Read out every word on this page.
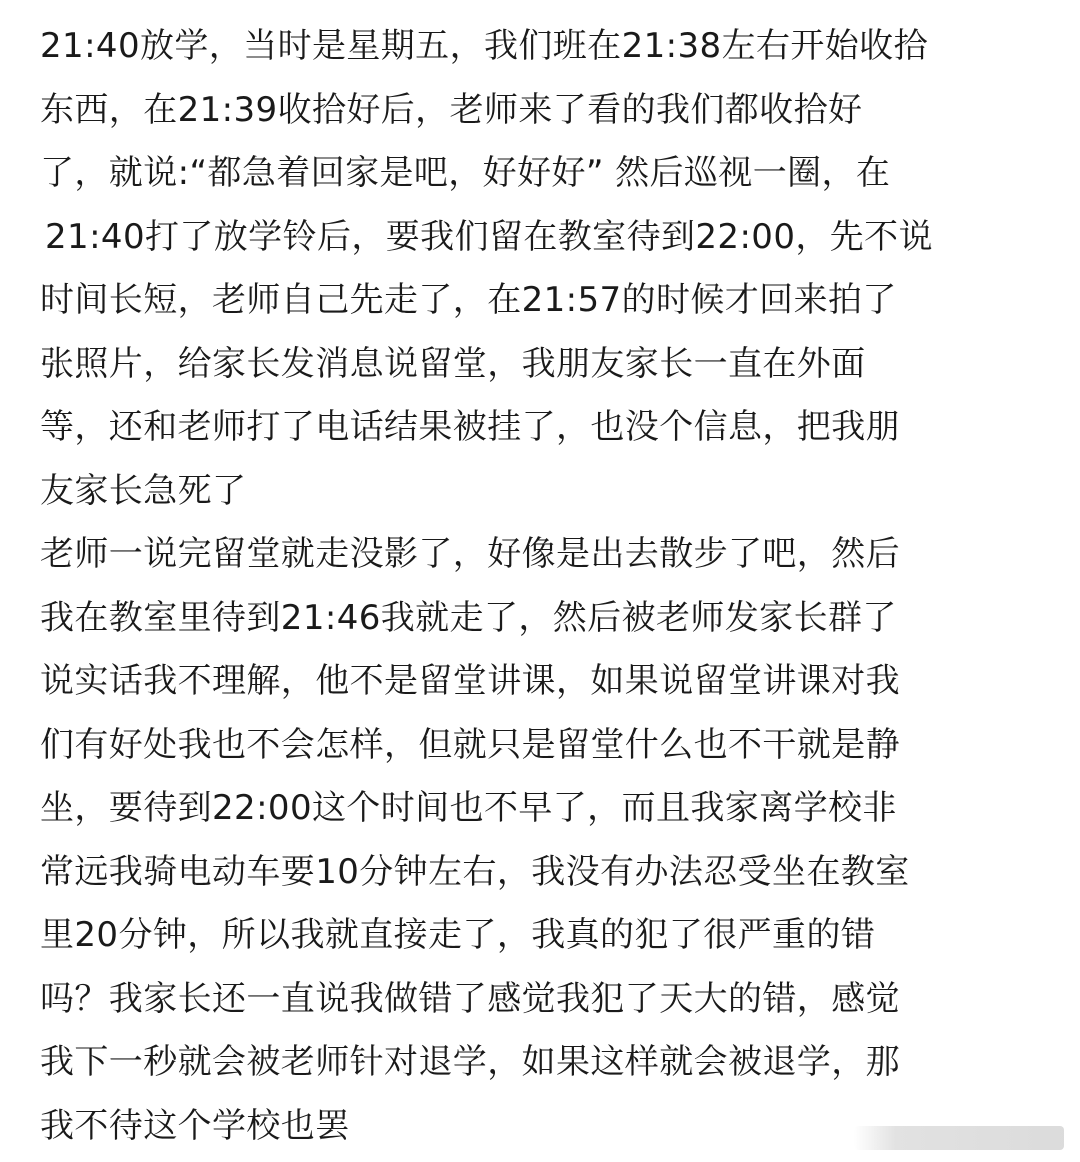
21:40放学，当时是星期五，我们班在21:38左右开始收拾
东西，在21:39收拾好后，老师来了看的我们都收拾好
了，就说:“都急着回家是吧，好好好” 然后巡视一圈，在
21:40打了放学铃后，要我们留在教室待到22:00，先不说
时间长短，老师自己先走了，在21:57的时候才回来拍了
张照片，给家长发消息说留堂，我朋友家长一直在外面
等，还和老师打了电话结果被挂了，也没个信息，把我朋
友家长急死了
老师一说完留堂就走没影了，好像是出去散步了吧，然后
我在教室里待到21:46我就走了，然后被老师发家长群了
说实话我不理解，他不是留堂讲课，如果说留堂讲课对我
们有好处我也不会怎样，但就只是留堂什么也不干就是静
坐，要待到22:00这个时间也不早了，而且我家离学校非
常远我骑电动车要10分钟左右，我没有办法忍受坐在教室
里20分钟，所以我就直接走了，我真的犯了很严重的错
吗？我家长还一直说我做错了感觉我犯了天大的错，感觉
我下一秒就会被老师针对退学，如果这样就会被退学，那
我不待这个学校也罢
